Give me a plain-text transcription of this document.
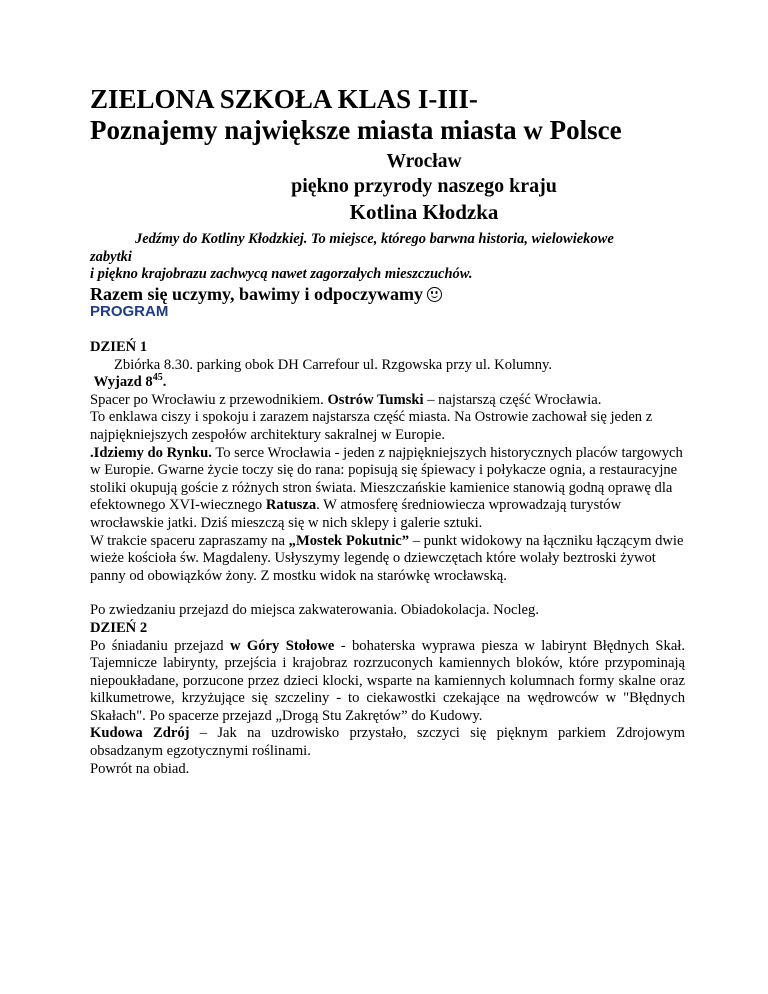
ZIELONA SZKOŁA KLAS I-III-
Poznajemy największe miasta miasta w Polsce
Wrocław
piękno przyrody naszego kraju
Kotlina Kłodzka
Jedźmy do Kotliny Kłodzkiej. To miejsce, którego barwna historia, wielowiekowe
zabytki
i piękno krajobrazu zachwycą nawet zagorzałych mieszczuchów.
Razem się uczymy, bawimy i odpoczywamy
PROGRAM

DZIEŃ 1

Zbiórka 8.30. parking obok DH Carrefour ul. Rzgowska przy ul. Kolumny.

Wyjazd $8^{45}$.

Spacer po Wrocławiu z przewodnikiem. Ostrów Tumski – najstarszą część Wrocławia.

To enklawa ciszy i spokoju i zarazem najstarsza część miasta. Na Ostrowie zachował się jeden z najpiękniejszych zespołów architektury sakralnej w Europie.

.Idziemy do Rynku. To serce Wrocławia - jeden z najpiękniejszych historycznych placów targowych w Europie. Gwarne życie toczy się do rana: popisują się śpiewacy i połykacze ognia, a restauracyjne stoliki okupują goście z różnych stron świata. Mieszczańskie kamienice stanowią godną oprawę dla efektownego XVI-wiecznego Ratusza. W atmosferę średniowiecza wprowadzają turystów wrocławskie jatki. Dziś mieszczą się w nich sklepy i galerie sztuki.

W trakcie spaceru zapraszamy na „Mostek Pokutnic” – punkt widokowy na łączniku łączącym dwie wieże kościoła św. Magdaleny. Usłyszymy legendę o dziewczętach które wolały beztroski żywot panny od obowiązków żony. Z mostku widok na starówkę wrocławską.

Po zwiedzaniu przejazd do miejsca zakwaterowania. Obiadokolacja. Nocleg.

DZIEŃ 2

Po śniadaniu przejazd w Góry Stołowe - bohaterska wyprawa piesza w labirynt Błędnych Skał. Tajemnicze labirynty, przejścia i krajobraz rozrzuconych kamiennych bloków, które przypominają niepoukładane, porzucone przez dzieci klocki, wsparte na kamiennych kolumnach formy skalne oraz kilkumetrowe, krzyżujące się szczeliny - to ciekawostki czekające na wędrowców w "Błędnych Skałach". Po spacerze przejazd „Drogą Stu Zakrętów” do Kudowy.

Kudowa Zdrój – Jak na uzdrowisko przystało, szczyci się pięknym parkiem Zdrojowym obsadzanym egzotycznymi roślinami.

Powrót na obiad.
